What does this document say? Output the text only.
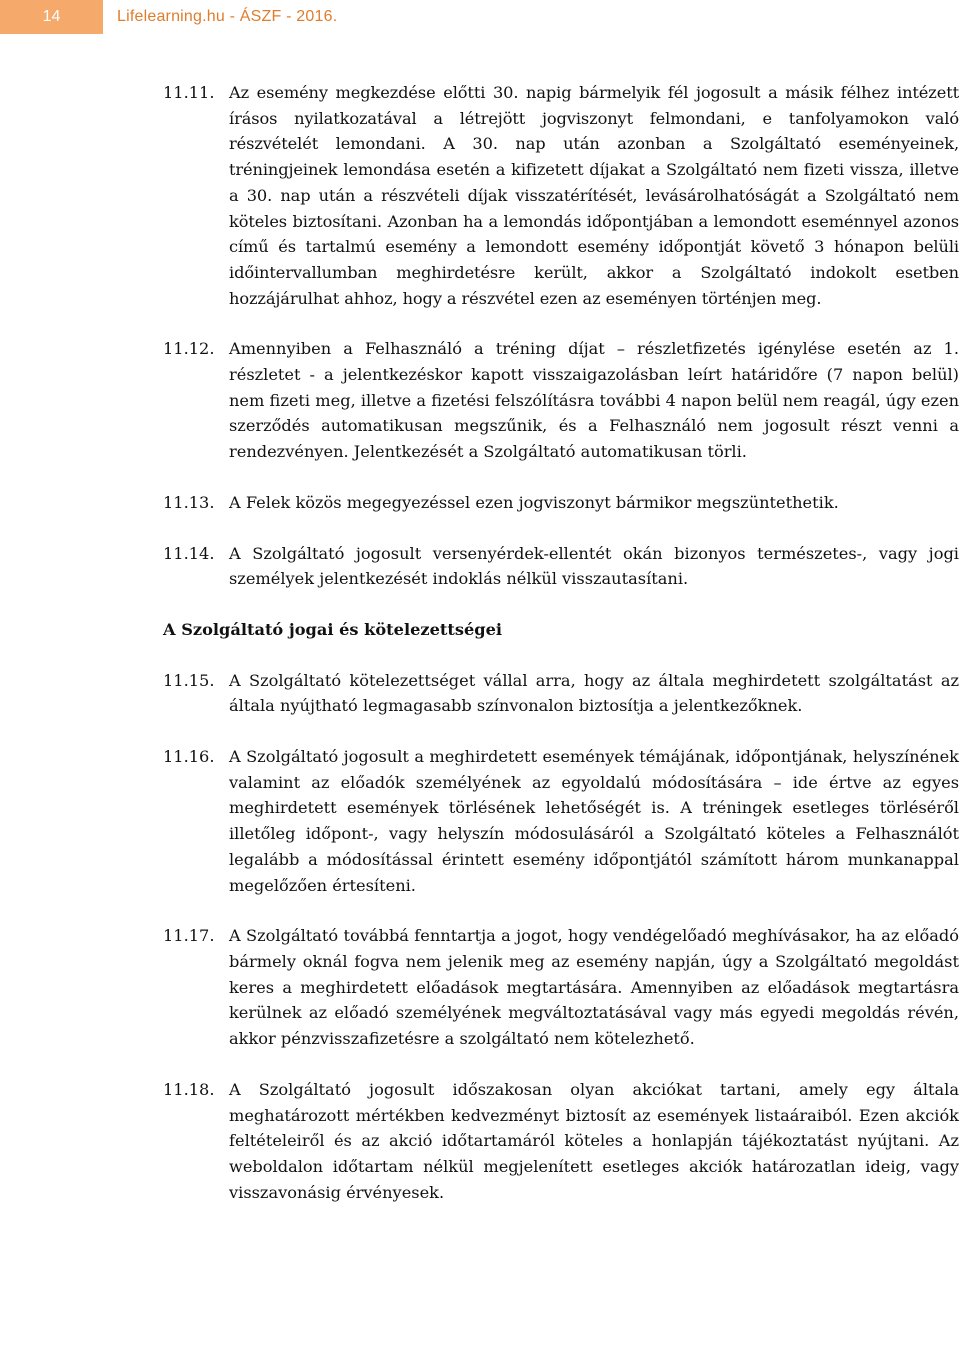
14	Lifelearning.hu - ÁSZF - 2016.
11.11. Az esemény megkezdése előtti 30. napig bármelyik fél jogosult a másik félhez intézett írásos nyilatkozatával a létrejött jogviszonyt felmondani, e tanfolyamokon való részvételét lemondani. A 30. nap után azonban a Szolgáltató eseményeinek, tréningjeinek lemondása esetén a kifizetett díjakat a Szolgáltató nem fizeti vissza, illetve a 30. nap után a részvételi díjak visszatérítését, levásárolhatóságát a Szolgáltató nem köteles biztosítani. Azonban ha a lemondás időpontjában a lemondott eseménnyel azonos című és tartalmú esemény a lemondott esemény időpontját követő 3 hónapon belüli időintervallumban meghirdetésre került, akkor a Szolgáltató indokolt esetben hozzájárulhat ahhoz, hogy a részvétel ezen az eseményen történjen meg.
11.12. Amennyiben a Felhasználó a tréning díjat – részletfizetés igénylése esetén az 1. részletet - a jelentkezéskor kapott visszaigazolásban leírt határidőre (7 napon belül) nem fizeti meg, illetve a fizetési felszólításra további 4 napon belül nem reagál, úgy ezen szerződés automatikusan megszűnik, és a Felhasználó nem jogosult részt venni a rendezvényen. Jelentkezését a Szolgáltató automatikusan törli.
11.13. A Felek közös megegyezéssel ezen jogviszonyt bármikor megszüntethetik.
11.14. A Szolgáltató jogosult versenyérdek-ellentét okán bizonyos természetes-, vagy jogi személyek jelentkezését indoklás nélkül visszautasítani.
A Szolgáltató jogai és kötelezettségei
11.15. A Szolgáltató kötelezettséget vállal arra, hogy az általa meghirdetett szolgáltatást az általa nyújtható legmagasabb színvonalon biztosítja a jelentkezőknek.
11.16. A Szolgáltató jogosult a meghirdetett események témájának, időpontjának, helyszínének valamint az előadók személyének az egyoldalú módosítására – ide értve az egyes meghirdetett események törlésének lehetőségét is. A tréningek esetleges törléséről illetőleg időpont-, vagy helyszín módosulásáról a Szolgáltató köteles a Felhasználót legalább a módosítással érintett esemény időpontjától számított három munkanappal megelőzően értesíteni.
11.17. A Szolgáltató továbbá fenntartja a jogot, hogy vendégelőadó meghívásakor, ha az előadó bármely oknál fogva nem jelenik meg az esemény napján, úgy a Szolgáltató megoldást keres a meghirdetett előadások megtartására. Amennyiben az előadások megtartásra kerülnek az előadó személyének megváltoztatásával vagy más egyedi megoldás révén, akkor pénzvisszafizetésre a szolgáltató nem kötelezhető.
11.18. A Szolgáltató jogosult időszakosan olyan akciókat tartani, amely egy általa meghatározott mértékben kedvezményt biztosít az események listaáraiból. Ezen akciók feltételeiről és az akció időtartamáról köteles a honlapján tájékoztatást nyújtani. Az weboldalon időtartam nélkül megjelenített esetleges akciók határozatlan ideig, vagy visszavonásig érvényesek.
